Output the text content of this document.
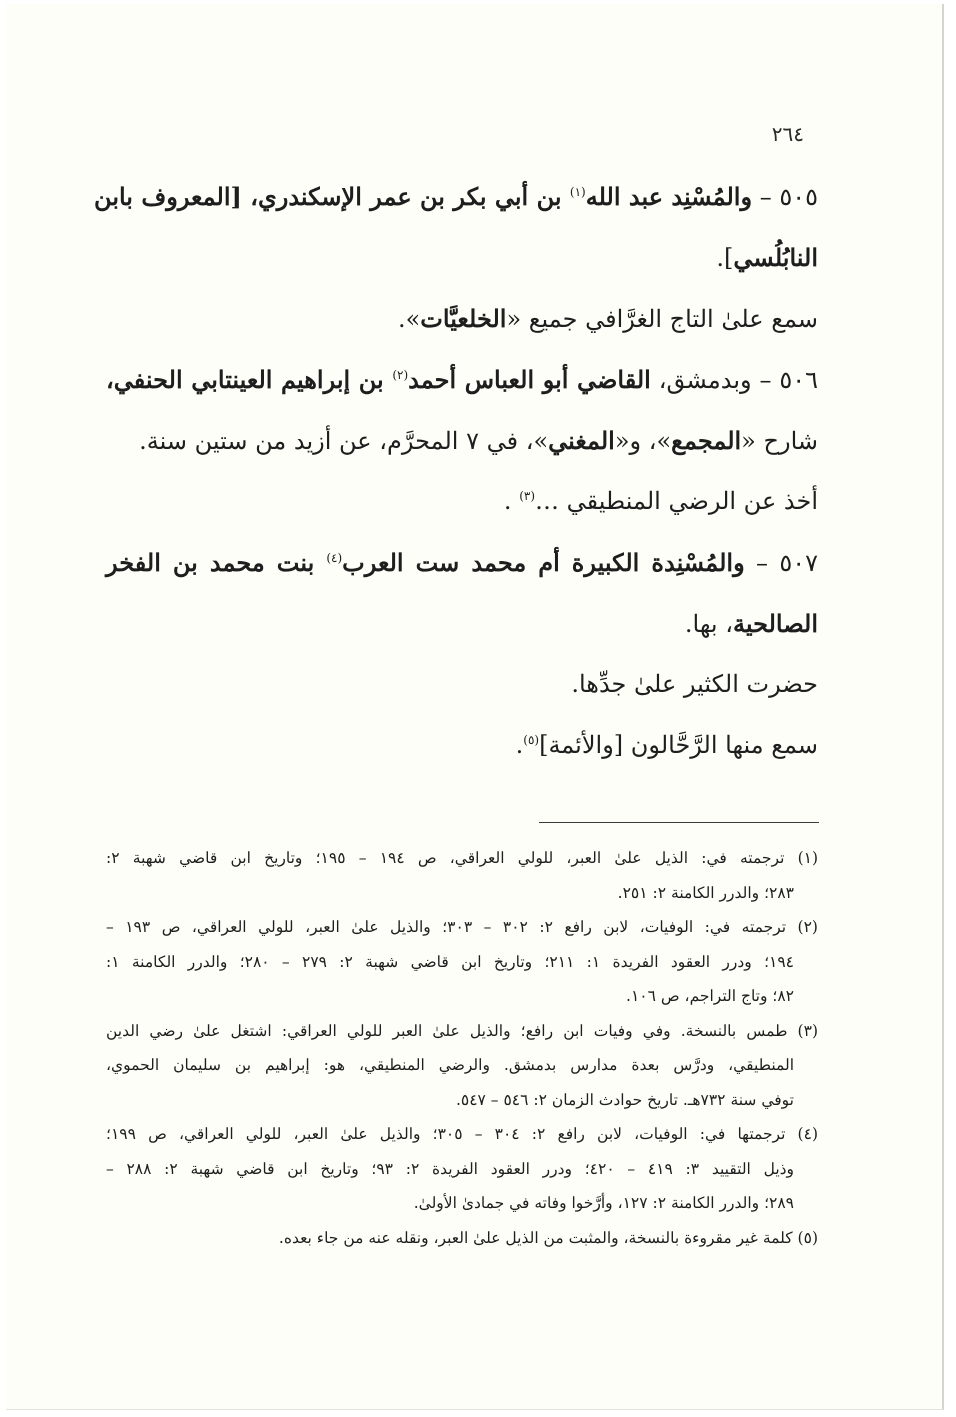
٢٦٤
٥٠٥ – والمُسْنِد عبد الله$^{(١)}$ بن أبي بكر بن عمر الإسكندري، [المعروف بابن
النابُلُسي].
سمع علىٰ التاج الغرَّافي جميع «الخلعيَّات».
٥٠٦ – وبدمشق، القاضي أبو العباس أحمد$^{(٢)}$ بن إبراهيم العينتابي الحنفي،
شارح «المجمع»، و«المغني»، في ٧ المحرَّم، عن أزيد من ستين سنة.
أخذ عن الرضي المنطيقي …$^{(٣)}$ .
٥٠٧ – والمُسْنِدة الكبيرة أم محمد ست العرب$^{(٤)}$ بنت محمد بن الفخر
الصالحية، بها.
حضرت الكثير علىٰ جدِّها.
سمع منها الرَّحَّالون [والأئمة]$^{(٥)}$.
(١) ترجمته في: الذيل علىٰ العبر، للولي العراقي، ص ١٩٤ – ١٩٥؛ وتاريخ ابن قاضي شهبة ٢:
٢٨٣؛ والدرر الكامنة ٢: ٢٥١.
(٢) ترجمته في: الوفيات، لابن رافع ٢: ٣٠٢ – ٣٠٣؛ والذيل علىٰ العبر، للولي العراقي، ص ١٩٣ –
١٩٤؛ ودرر العقود الفريدة ١: ٢١١؛ وتاريخ ابن قاضي شهبة ٢: ٢٧٩ – ٢٨٠؛ والدرر الكامنة ١:
٨٢؛ وتاج التراجم، ص ١٠٦.
(٣) طمس بالنسخة. وفي وفيات ابن رافع؛ والذيل علىٰ العبر للولي العراقي: اشتغل علىٰ رضي الدين
المنطيقي، ودرَّس بعدة مدارس بدمشق. والرضي المنطيقي، هو: إبراهيم بن سليمان الحموي،
توفي سنة ٧٣٢هـ. تاريخ حوادث الزمان ٢: ٥٤٦ – ٥٤٧.
(٤) ترجمتها في: الوفيات، لابن رافع ٢: ٣٠٤ – ٣٠٥؛ والذيل علىٰ العبر، للولي العراقي، ص ١٩٩؛
وذيل التقييد ٣: ٤١٩ – ٤٢٠؛ ودرر العقود الفريدة ٢: ٩٣؛ وتاريخ ابن قاضي شهبة ٢: ٢٨٨ –
٢٨٩؛ والدرر الكامنة ٢: ١٢٧، وأرَّخوا وفاته في جمادىٰ الأولىٰ.
(٥) كلمة غير مقروءة بالنسخة، والمثبت من الذيل علىٰ العبر، ونقله عنه من جاء بعده.
